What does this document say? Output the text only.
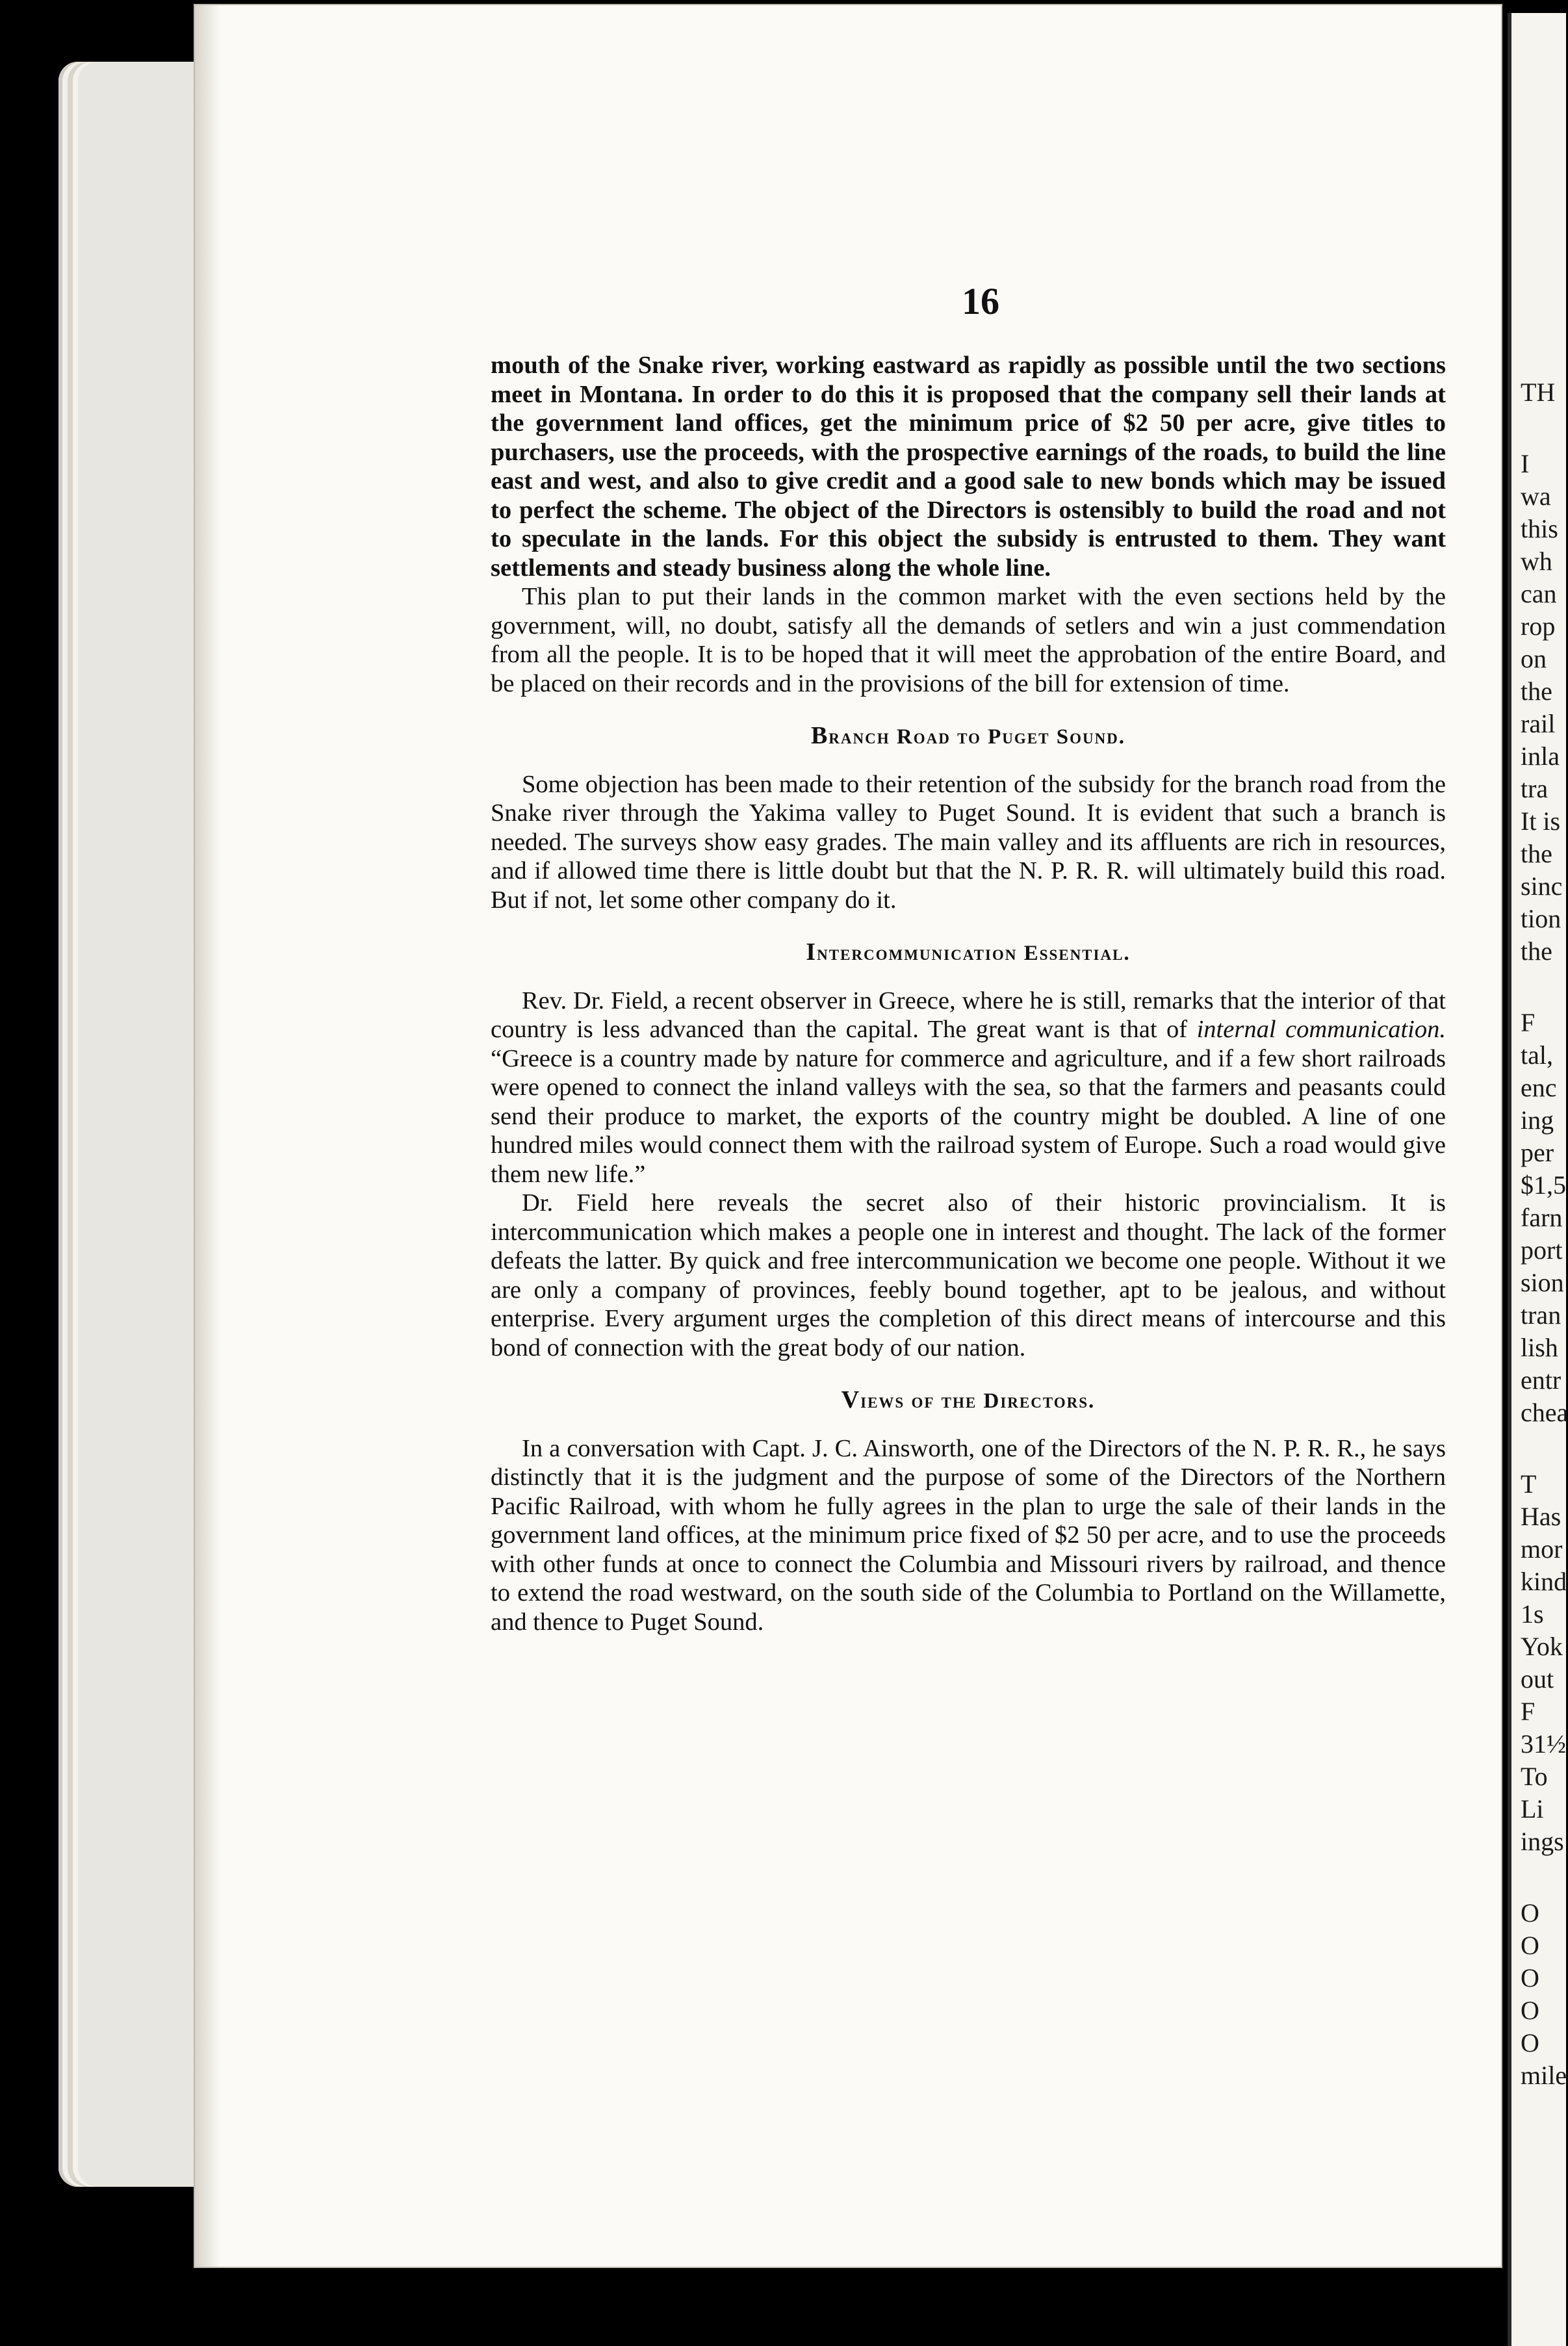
TH
I
wa
this
wh
can
rop
on
the
rail
inla
tra
It is
the
sinc
tion
the
F
tal,
enc
ing
per
$1,5
farn
port
sion
tran
lish
entr
chea
T
Has
mor
kind
1s
Yok
out
F
31½
To
Li
ings
O
O
O
O
O
mile
16

mouth of the Snake river, working eastward as rapidly as possible until the two sections meet in Montana. In order to do this it is proposed that the company sell their lands at the government land offices, get the minimum price of $2 50 per acre, give titles to purchasers, use the proceeds, with the prospective earnings of the roads, to build the line east and west, and also to give credit and a good sale to new bonds which may be issued to perfect the scheme. The object of the Directors is ostensibly to build the road and not to speculate in the lands. For this object the subsidy is entrusted to them. They want settlements and steady business along the whole line.

This plan to put their lands in the common market with the even sections held by the government, will, no doubt, satisfy all the demands of setlers and win a just commendation from all the people. It is to be hoped that it will meet the approbation of the entire Board, and be placed on their records and in the provisions of the bill for extension of time.

Branch Road to Puget Sound.

Some objection has been made to their retention of the subsidy for the branch road from the Snake river through the Yakima valley to Puget Sound. It is evident that such a branch is needed. The surveys show easy grades. The main valley and its affluents are rich in resources, and if allowed time there is little doubt but that the N. P. R. R. will ultimately build this road. But if not, let some other company do it.

Intercommunication Essential.

Rev. Dr. Field, a recent observer in Greece, where he is still, remarks that the interior of that country is less advanced than the capital. The great want is that of internal communication. “Greece is a country made by nature for commerce and agriculture, and if a few short railroads were opened to connect the inland valleys with the sea, so that the farmers and peasants could send their produce to market, the exports of the country might be doubled. A line of one hundred miles would connect them with the railroad system of Europe. Such a road would give them new life.”

Dr. Field here reveals the secret also of their historic provincialism. It is intercommunication which makes a people one in interest and thought. The lack of the former defeats the latter. By quick and free intercommunication we become one people. Without it we are only a company of provinces, feebly bound together, apt to be jealous, and without enterprise. Every argument urges the completion of this direct means of intercourse and this bond of connection with the great body of our nation.

Views of the Directors.

In a conversation with Capt. J. C. Ainsworth, one of the Directors of the N. P. R. R., he says distinctly that it is the judgment and the purpose of some of the Directors of the Northern Pacific Railroad, with whom he fully agrees in the plan to urge the sale of their lands in the government land offices, at the minimum price fixed of $2 50 per acre, and to use the proceeds with other funds at once to connect the Columbia and Missouri rivers by railroad, and thence to extend the road westward, on the south side of the Columbia to Portland on the Willamette, and thence to Puget Sound.
